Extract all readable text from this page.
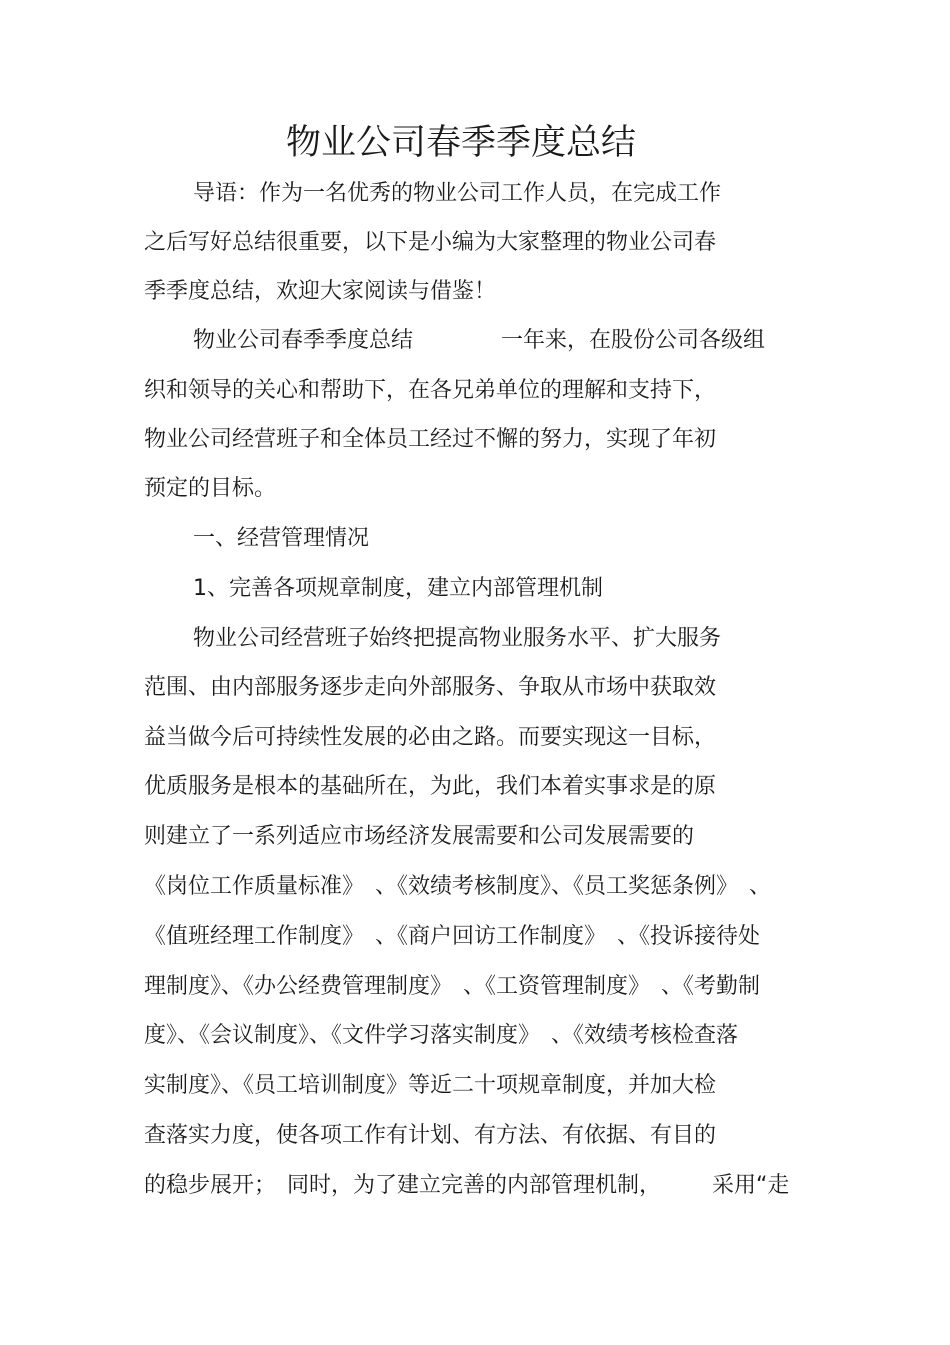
物业公司春季季度总结
导语：作为一名优秀的物业公司工作人员，在完成工作
之后写好总结很重要，以下是小编为大家整理的物业公司春
季季度总结，欢迎大家阅读与借鉴！
物业公司春季季度总结	一年来，在股份公司各级组
织和领导的关心和帮助下，在各兄弟单位的理解和支持下，
物业公司经营班子和全体员工经过不懈的努力，实现了年初
预定的目标。
一、经营管理情况
1、完善各项规章制度，建立内部管理机制
物业公司经营班子始终把提高物业服务水平、扩大服务
范围、由内部服务逐步走向外部服务、争取从市场中获取效
益当做今后可持续性发展的必由之路。而要实现这一目标，
优质服务是根本的基础所在，为此，我们本着实事求是的原
则建立了一系列适应市场经济发展需要和公司发展需要的
《岗位工作质量标准》　、《效绩考核制度》、《员工奖惩条例》　、
《值班经理工作制度》　、《商户回访工作制度》　、《投诉接待处
理制度》、《办公经费管理制度》　、《工资管理制度》　、《考勤制
度》、《会议制度》、《文件学习落实制度》　、《效绩考核检查落
实制度》、《员工培训制度》等近二十项规章制度，并加大检
查落实力度，使各项工作有计划、有方法、有依据、有目的
的稳步展开；　同时，为了建立完善的内部管理机制， 采用“走
